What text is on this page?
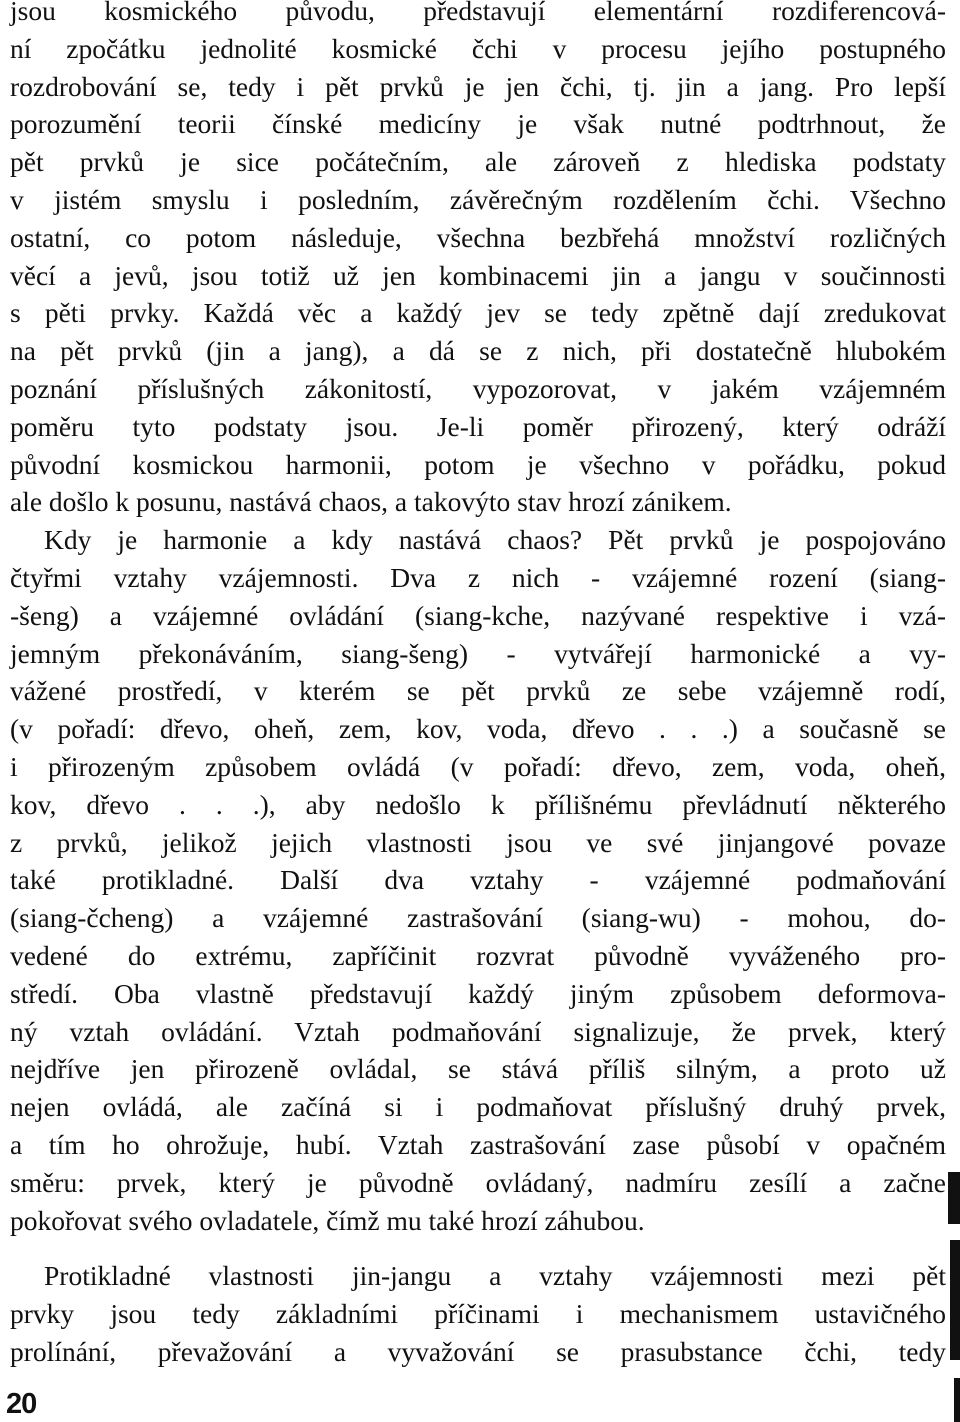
jsou kosmického původu, představují elementární rozdiferencová-
ní zpočátku jednolité kosmické čchi v procesu jejího postupného
rozdrobování se, tedy i pět prvků je jen čchi, tj. jin a jang. Pro lepší
porozumění teorii čínské medicíny je však nutné podtrhnout, že
pět prvků je sice počátečním, ale zároveň z hlediska podstaty
v jistém smyslu i posledním, závěrečným rozdělením čchi. Všechno
ostatní, co potom následuje, všechna bezbřehá množství rozličných
věcí a jevů, jsou totiž už jen kombinacemi jin a jangu v součinnosti
s pěti prvky. Každá věc a každý jev se tedy zpětně dají zredukovat
na pět prvků (jin a jang), a dá se z nich, při dostatečně hlubokém
poznání příslušných zákonitostí, vypozorovat, v jakém vzájemném
poměru tyto podstaty jsou. Je-li poměr přirozený, který odráží
původní kosmickou harmonii, potom je všechno v pořádku, pokud
ale došlo k posunu, nastává chaos, a takovýto stav hrozí zánikem.
Kdy je harmonie a kdy nastává chaos? Pět prvků je pospojováno
čtyřmi vztahy vzájemnosti. Dva z nich - vzájemné rození (siang-
-šeng) a vzájemné ovládání (siang-kche, nazývané respektive i vzá-
jemným překonáváním, siang-šeng) - vytvářejí harmonické a vy-
vážené prostředí, v kterém se pět prvků ze sebe vzájemně rodí,
(v pořadí: dřevo, oheň, zem, kov, voda, dřevo . . .) a současně se
i přirozeným způsobem ovládá (v pořadí: dřevo, zem, voda, oheň,
kov, dřevo . . .), aby nedošlo k přílišnému převládnutí některého
z prvků, jelikož jejich vlastnosti jsou ve své jinjangové povaze
také protikladné. Další dva vztahy - vzájemné podmaňování
(siang-čcheng) a vzájemné zastrašování (siang-wu) - mohou, do-
vedené do extrému, zapříčinit rozvrat původně vyváženého pro-
středí. Oba vlastně představují každý jiným způsobem deformova-
ný vztah ovládání. Vztah podmaňování signalizuje, že prvek, který
nejdříve jen přirozeně ovládal, se stává příliš silným, a proto už
nejen ovládá, ale začíná si i podmaňovat příslušný druhý prvek,
a tím ho ohrožuje, hubí. Vztah zastrašování zase působí v opačném
směru: prvek, který je původně ovládaný, nadmíru zesílí a začne
pokořovat svého ovladatele, čímž mu také hrozí záhubou.
Protikladné vlastnosti jin-jangu a vztahy vzájemnosti mezi pět
prvky jsou tedy základními příčinami i mechanismem ustavičného
prolínání, převažování a vyvažování se prasubstance čchi, tedy
20
